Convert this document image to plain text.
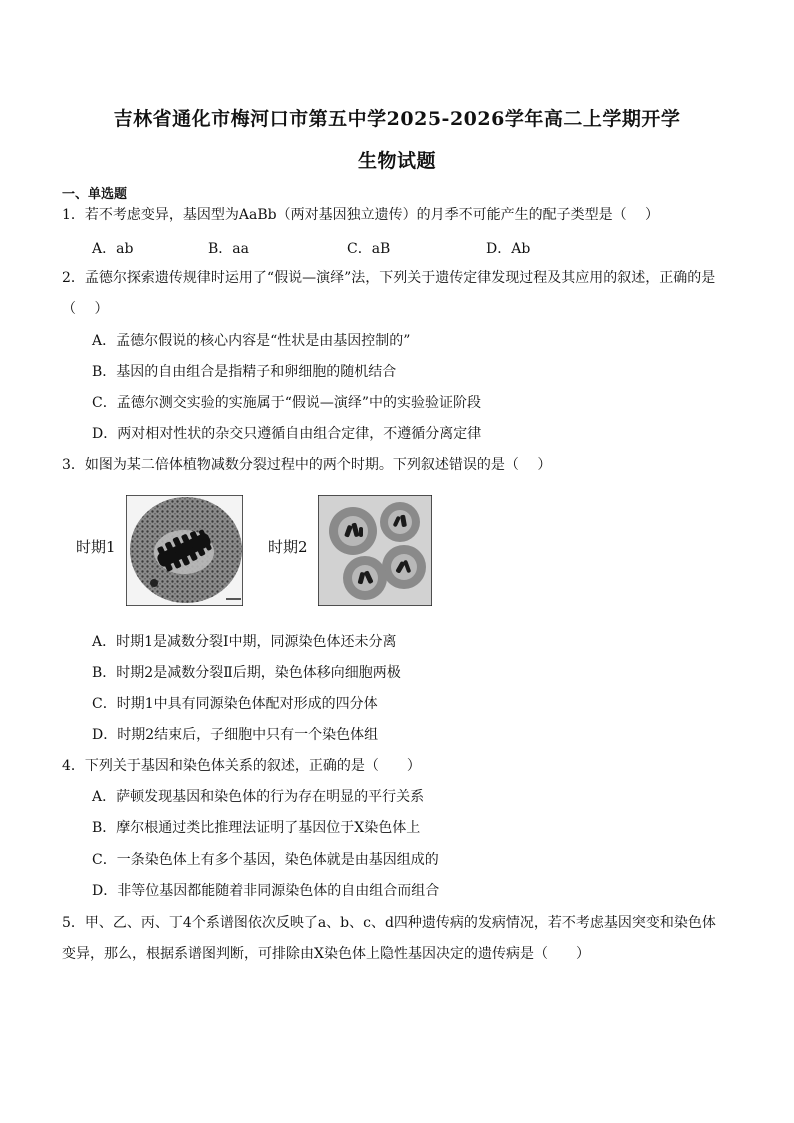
吉林省通化市梅河口市第五中学2025-2026学年高二上学期开学
生物试题
一、单选题
1．若不考虑变异，基因型为AaBb（两对基因独立遗传）的月季不可能产生的配子类型是（　 ）
A．ab	B．aa	C．aB	D．Ab
2．孟德尔探索遗传规律时运用了“假说—演绎”法，下列关于遗传定律发现过程及其应用的叙述，正确的是
（　 ）
A．孟德尔假说的核心内容是“性状是由基因控制的”
B．基因的自由组合是指精子和卵细胞的随机结合
C．孟德尔测交实验的实施属于“假说—演绎”中的实验验证阶段
D．两对相对性状的杂交只遵循自由组合定律，不遵循分离定律
3．如图为某二倍体植物减数分裂过程中的两个时期。下列叙述错误的是（　 ）
时期1	时期2
A．时期1是减数分裂Ⅰ中期，同源染色体还未分离
B．时期2是减数分裂Ⅱ后期，染色体移向细胞两极
C．时期1中具有同源染色体配对形成的四分体
D．时期2结束后，子细胞中只有一个染色体组
4．下列关于基因和染色体关系的叙述，正确的是（　　）
A．萨顿发现基因和染色体的行为存在明显的平行关系
B．摩尔根通过类比推理法证明了基因位于X染色体上
C．一条染色体上有多个基因，染色体就是由基因组成的
D．非等位基因都能随着非同源染色体的自由组合而组合
5．甲、乙、丙、丁4个系谱图依次反映了a、b、c、d四种遗传病的发病情况，若不考虑基因突变和染色体
变异，那么，根据系谱图判断，可排除由X染色体上隐性基因决定的遗传病是（　　）
